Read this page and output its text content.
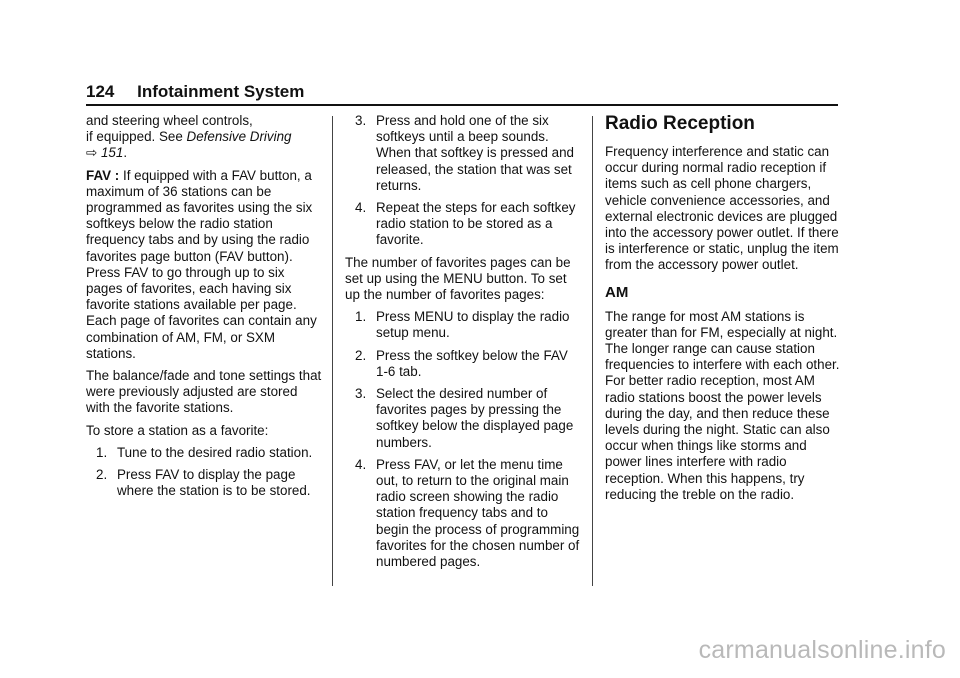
124 Infotainment System

and steering wheel controls,
if equipped. See Defensive Driving
⇨ 151.

FAV : If equipped with a FAV button, a maximum of 36 stations can be programmed as favorites using the six softkeys below the radio station frequency tabs and by using the radio favorites page button (FAV button). Press FAV to go through up to six pages of favorites, each having six favorite stations available per page. Each page of favorites can contain any combination of AM, FM, or SXM stations.

The balance/fade and tone settings that were previously adjusted are stored with the favorite stations.

To store a station as a favorite:

1. Tune to the desired radio station.
2. Press FAV to display the page where the station is to be stored.
3. Press and hold one of the six softkeys until a beep sounds. When that softkey is pressed and released, the station that was set returns.
4. Repeat the steps for each softkey radio station to be stored as a favorite.

The number of favorites pages can be set up using the MENU button. To set up the number of favorites pages:

1. Press MENU to display the radio setup menu.
2. Press the softkey below the FAV 1-6 tab.
3. Select the desired number of favorites pages by pressing the softkey below the displayed page numbers.
4. Press FAV, or let the menu time out, to return to the original main radio screen showing the radio station frequency tabs and to begin the process of programming favorites for the chosen number of numbered pages.
Radio Reception

Frequency interference and static can occur during normal radio reception if items such as cell phone chargers, vehicle convenience accessories, and external electronic devices are plugged into the accessory power outlet. If there is interference or static, unplug the item from the accessory power outlet.

AM

The range for most AM stations is greater than for FM, especially at night. The longer range can cause station frequencies to interfere with each other. For better radio reception, most AM radio stations boost the power levels during the day, and then reduce these levels during the night. Static can also occur when things like storms and power lines interfere with radio reception. When this happens, try reducing the treble on the radio.

carmanualsonline.info
